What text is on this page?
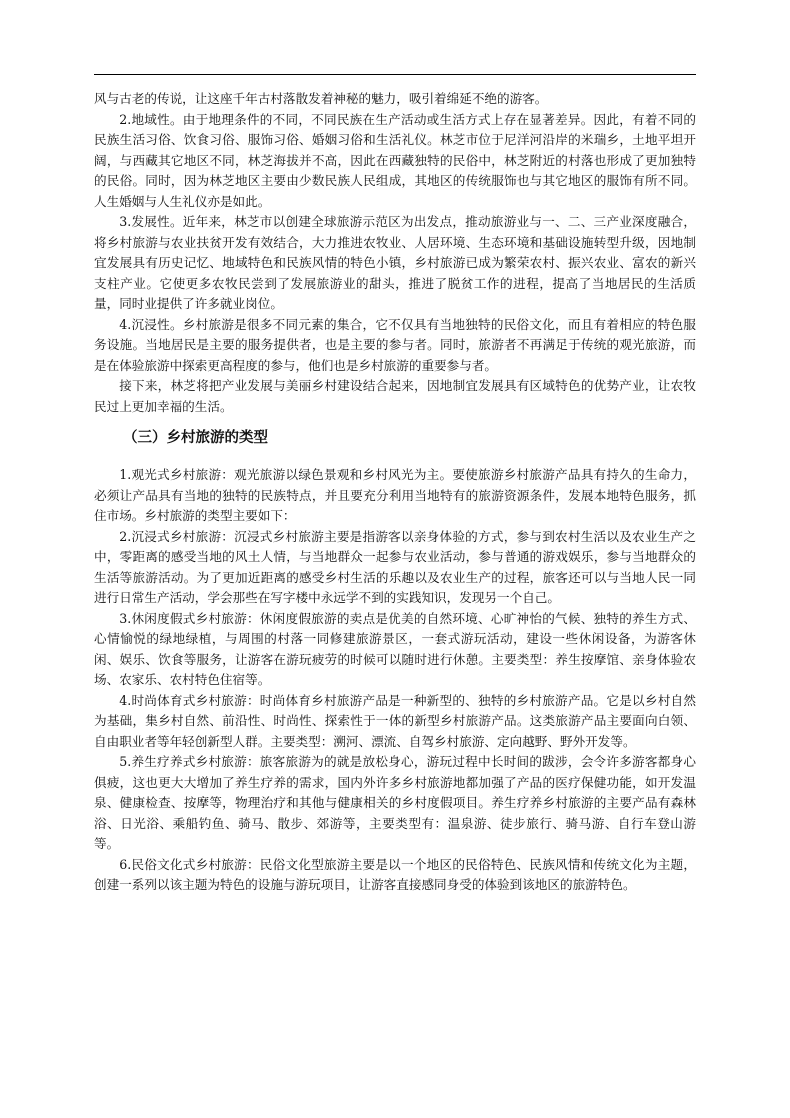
风与古老的传说，让这座千年古村落散发着神秘的魅力，吸引着绵延不绝的游客。

2.地域性。由于地理条件的不同，不同民族在生产活动或生活方式上存在显著差异。因此，有着不同的民族生活习俗、饮食习俗、服饰习俗、婚姻习俗和生活礼仪。林芝市位于尼洋河沿岸的米瑞乡，土地平坦开阔，与西藏其它地区不同，林芝海拔并不高，因此在西藏独特的民俗中，林芝附近的村落也形成了更加独特的民俗。同时，因为林芝地区主要由少数民族人民组成，其地区的传统服饰也与其它地区的服饰有所不同。人生婚姻与人生礼仪亦是如此。

3.发展性。近年来，林芝市以创建全球旅游示范区为出发点，推动旅游业与一、二、三产业深度融合，将乡村旅游与农业扶贫开发有效结合，大力推进农牧业、人居环境、生态环境和基础设施转型升级，因地制宜发展具有历史记忆、地域特色和民族风情的特色小镇，乡村旅游已成为繁荣农村、振兴农业、富农的新兴支柱产业。它使更多农牧民尝到了发展旅游业的甜头，推进了脱贫工作的进程，提高了当地居民的生活质量，同时业提供了许多就业岗位。

4.沉浸性。乡村旅游是很多不同元素的集合，它不仅具有当地独特的民俗文化，而且有着相应的特色服务设施。当地居民是主要的服务提供者，也是主要的参与者。同时，旅游者不再满足于传统的观光旅游，而是在体验旅游中探索更高程度的参与，他们也是乡村旅游的重要参与者。

接下来，林芝将把产业发展与美丽乡村建设结合起来，因地制宜发展具有区域特色的优势产业，让农牧民过上更加幸福的生活。

（三）乡村旅游的类型

1.观光式乡村旅游：观光旅游以绿色景观和乡村风光为主。要使旅游乡村旅游产品具有持久的生命力，必须让产品具有当地的独特的民族特点，并且要充分利用当地特有的旅游资源条件，发展本地特色服务，抓住市场。乡村旅游的类型主要如下：

2.沉浸式乡村旅游：沉浸式乡村旅游主要是指游客以亲身体验的方式，参与到农村生活以及农业生产之中，零距离的感受当地的风土人情，与当地群众一起参与农业活动，参与普通的游戏娱乐，参与当地群众的生活等旅游活动。为了更加近距离的感受乡村生活的乐趣以及农业生产的过程，旅客还可以与当地人民一同进行日常生产活动，学会那些在写字楼中永远学不到的实践知识，发现另一个自己。

3.休闲度假式乡村旅游：休闲度假旅游的卖点是优美的自然环境、心旷神怡的气候、独特的养生方式、心情愉悦的绿地绿植，与周围的村落一同修建旅游景区，一套式游玩活动，建设一些休闲设备，为游客休闲、娱乐、饮食等服务，让游客在游玩疲劳的时候可以随时进行休憩。主要类型：养生按摩馆、亲身体验农场、农家乐、农村特色住宿等。

4.时尚体育式乡村旅游：时尚体育乡村旅游产品是一种新型的、独特的乡村旅游产品。它是以乡村自然为基础，集乡村自然、前沿性、时尚性、探索性于一体的新型乡村旅游产品。这类旅游产品主要面向白领、自由职业者等年轻创新型人群。主要类型：溯河、漂流、自驾乡村旅游、定向越野、野外开发等。

5.养生疗养式乡村旅游：旅客旅游为的就是放松身心，游玩过程中长时间的跋涉，会令许多游客都身心俱疲，这也更大大增加了养生疗养的需求，国内外许多乡村旅游地都加强了产品的医疗保健功能，如开发温泉、健康检查、按摩等，物理治疗和其他与健康相关的乡村度假项目。养生疗养乡村旅游的主要产品有森林浴、日光浴、乘船钓鱼、骑马、散步、郊游等，主要类型有：温泉游、徒步旅行、骑马游、自行车登山游等。

6.民俗文化式乡村旅游：民俗文化型旅游主要是以一个地区的民俗特色、民族风情和传统文化为主题，创建一系列以该主题为特色的设施与游玩项目，让游客直接感同身受的体验到该地区的旅游特色。
